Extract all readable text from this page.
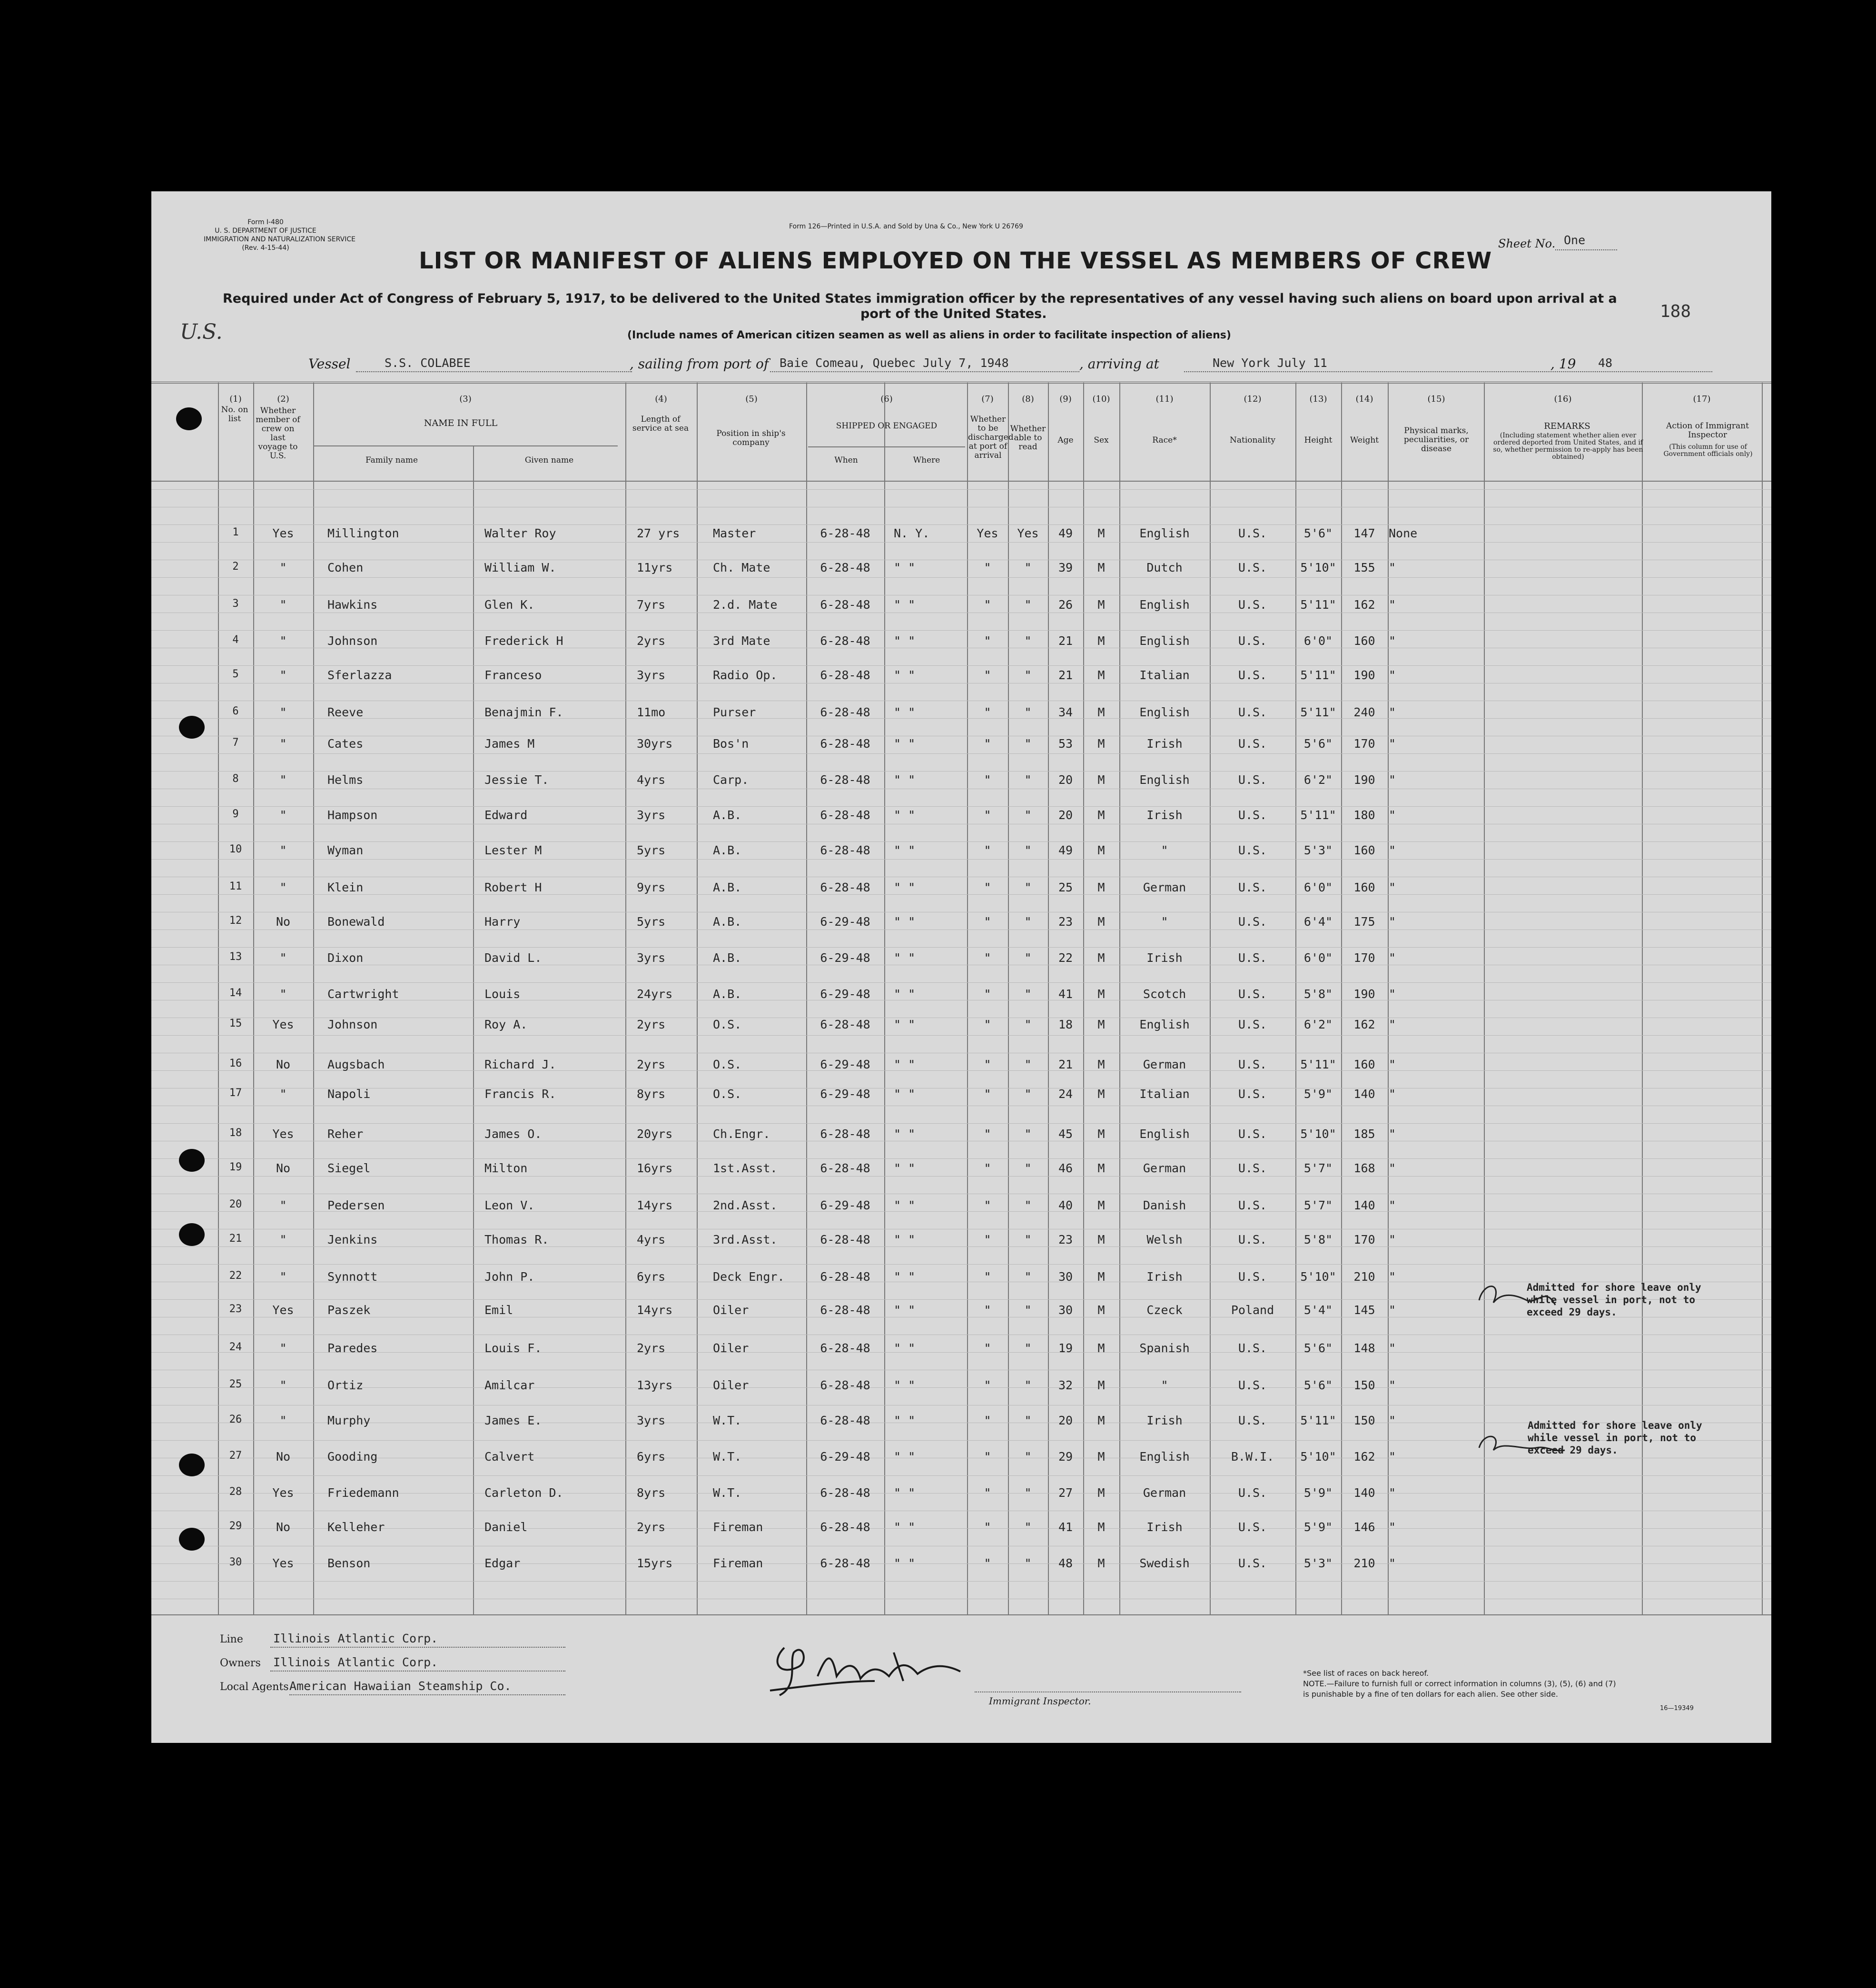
Form I-480
U. S. DEPARTMENT OF JUSTICE
IMMIGRATION AND NATURALIZATION SERVICE
(Rev. 4-15-44)
Form 126—Printed in U.S.A. and Sold by Una & Co., New York U 26769
Sheet No. One
LIST OR MANIFEST OF ALIENS EMPLOYED ON THE VESSEL AS MEMBERS OF CREW
Required under Act of Congress of February 5, 1917, to be delivered to the United States immigration officer by the representatives of any vessel having such aliens on board upon arrival at a
port of the United States.	188
(Include names of American citizen seamen as well as aliens in order to facilitate inspection of aliens)
U.S.
Vessel	S.S. COLABEE	, sailing from port of Baie Comeau, Quebec July 7, 1948	, arriving at	New York July 11	, 19 48
(1)	(2)	(3)	(4)	(5)	(6)	(7)	(8)	(9)	(10)	(11)	(12)	(13)	(14)	(15)	(16)	(17)
No. on list
Whether member of crew on last voyage to U.S.
NAME IN FULL
Family name	Given name
Length of service at sea
Position in ship's company
SHIPPED OR ENGAGED
When	Where
Whether to be discharged at port of arrival
Whether able to read
Age	Sex	Race*	Nationality	Height	Weight
Physical marks, peculiarities, or disease
REMARKS
(Including statement whether alien ever ordered deported from United States, and if so, whether permission to re-apply has been obtained)
Action of Immigrant Inspector
(This column for use of Government officials only)
1	Yes	Millington	Walter Roy	27 yrs	Master	6-28-48	N. Y.	Yes	Yes	49	M	English	U.S.	5'6"	147	None
2	"	Cohen	William W.	11yrs	Ch. Mate	6-28-48	" "	"	"	39	M	Dutch	U.S.	5'10"	155	"
3	"	Hawkins	Glen K.	7yrs	2.d. Mate	6-28-48	" "	"	"	26	M	English	U.S.	5'11"	162	"
4	"	Johnson	Frederick H	2yrs	3rd Mate	6-28-48	" "	"	"	21	M	English	U.S.	6'0"	160	"
5	"	Sferlazza	Franceso	3yrs	Radio Op.	6-28-48	" "	"	"	21	M	Italian	U.S.	5'11"	190	"
6	"	Reeve	Benajmin F.	11mo	Purser	6-28-48	" "	"	"	34	M	English	U.S.	5'11"	240	"
7	"	Cates	James M	30yrs	Bos'n	6-28-48	" "	"	"	53	M	Irish	U.S.	5'6"	170	"
8	"	Helms	Jessie T.	4yrs	Carp.	6-28-48	" "	"	"	20	M	English	U.S.	6'2"	190	"
9	"	Hampson	Edward	3yrs	A.B.	6-28-48	" "	"	"	20	M	Irish	U.S.	5'11"	180	"
10	"	Wyman	Lester M	5yrs	A.B.	6-28-48	" "	"	"	49	M	"	U.S.	5'3"	160	"
11	"	Klein	Robert H	9yrs	A.B.	6-28-48	" "	"	"	25	M	German	U.S.	6'0"	160	"
12	No	Bonewald	Harry	5yrs	A.B.	6-29-48	" "	"	"	23	M	"	U.S.	6'4"	175	"
13	"	Dixon	David L.	3yrs	A.B.	6-29-48	" "	"	"	22	M	Irish	U.S.	6'0"	170	"
14	"	Cartwright	Louis	24yrs	A.B.	6-29-48	" "	"	"	41	M	Scotch	U.S.	5'8"	190	"
15	Yes	Johnson	Roy A.	2yrs	O.S.	6-28-48	" "	"	"	18	M	English	U.S.	6'2"	162	"
16	No	Augsbach	Richard J.	2yrs	O.S.	6-29-48	" "	"	"	21	M	German	U.S.	5'11"	160	"
17	"	Napoli	Francis R.	8yrs	O.S.	6-29-48	" "	"	"	24	M	Italian	U.S.	5'9"	140	"
18	Yes	Reher	James O.	20yrs	Ch.Engr.	6-28-48	" "	"	"	45	M	English	U.S.	5'10"	185	"
19	No	Siegel	Milton	16yrs	1st.Asst.	6-28-48	" "	"	"	46	M	German	U.S.	5'7"	168	"
20	"	Pedersen	Leon V.	14yrs	2nd.Asst.	6-29-48	" "	"	"	40	M	Danish	U.S.	5'7"	140	"
21	"	Jenkins	Thomas R.	4yrs	3rd.Asst.	6-28-48	" "	"	"	23	M	Welsh	U.S.	5'8"	170	"
22	"	Synnott	John P.	6yrs	Deck Engr.	6-28-48	" "	"	"	30	M	Irish	U.S.	5'10"	210	"
23	Yes	Paszek	Emil	14yrs	Oiler	6-28-48	" "	"	"	30	M	Czeck	Poland	5'4"	145	"
24	"	Paredes	Louis F.	2yrs	Oiler	6-28-48	" "	"	"	19	M	Spanish	U.S.	5'6"	148	"
25	"	Ortiz	Amilcar	13yrs	Oiler	6-28-48	" "	"	"	32	M	"	U.S.	5'6"	150	"
26	"	Murphy	James E.	3yrs	W.T.	6-28-48	" "	"	"	20	M	Irish	U.S.	5'11"	150	"
27	No	Gooding	Calvert	6yrs	W.T.	6-29-48	" "	"	"	29	M	English	B.W.I.	5'10"	162	"
28	Yes	Friedemann	Carleton D.	8yrs	W.T.	6-28-48	" "	"	"	27	M	German	U.S.	5'9"	140	"
29	No	Kelleher	Daniel	2yrs	Fireman	6-28-48	" "	"	"	41	M	Irish	U.S.	5'9"	146	"
30	Yes	Benson	Edgar	15yrs	Fireman	6-28-48	" "	"	"	48	M	Swedish	U.S.	5'3"	210	"
Admitted for shore leave only
while vessel in port, not to
exceed 29 days.
Admitted for shore leave only
while vessel in port, not to
exceed 29 days.
Line	Illinois Atlantic Corp.
Owners Illinois Atlantic Corp.
Local Agents American Hawaiian Steamship Co.
Immigrant Inspector.
*See list of races on back hereof.
NOTE.—Failure to furnish full or correct information in columns (3), (5), (6) and (7)
is punishable by a fine of ten dollars for each alien. See other side.
16—19349
